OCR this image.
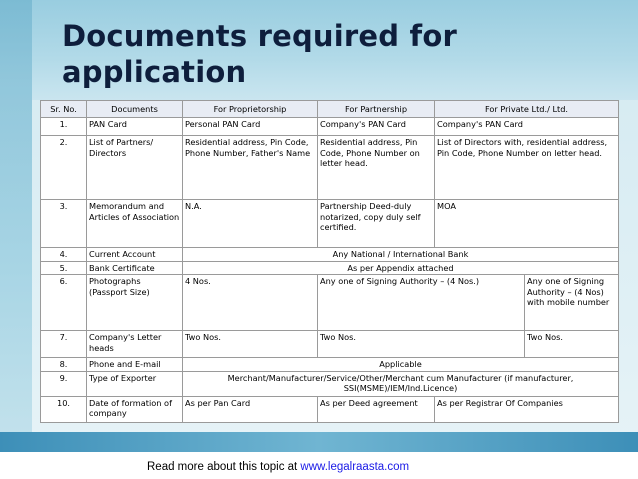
Documents required for application
Sr. No.	Documents	For Proprietorship	For Partnership	For Private Ltd./ Ltd.	
1.	PAN Card	Personal PAN Card	Company's PAN Card	Company's PAN Card	
2.	List of Partners/ Directors	Residential address, Pin Code, Phone Number, Father's Name	Residential address, Pin Code, Phone Number on letter head.	List of Directors with, residential address, Pin Code, Phone Number on letter head.	
3.	Memorandum and Articles of Association	N.A.	Partnership Deed-duly notarized, copy duly self certified.	MOA	
4.	Current Account	Any National / International Bank			
5.	Bank Certificate	As per Appendix attached			
6.	Photographs (Passport Size)	4 Nos.	Any one of Signing Authority – (4 Nos.)		Any one of Signing Authority – (4 Nos) with mobile number
7.	Company's Letter heads	Two Nos.	Two Nos.		Two Nos.
8.	Phone and E-mail	Applicable			
9.	Type of Exporter	Merchant/Manufacturer/Service/Other/Merchant cum Manufacturer (if manufacturer, SSI(MSME)/IEM/Ind.Licence)			
10.	Date of formation of company	As per Pan Card	As per Deed agreement	As per Registrar Of Companies	
Read more about this topic at www.legalraasta.com
